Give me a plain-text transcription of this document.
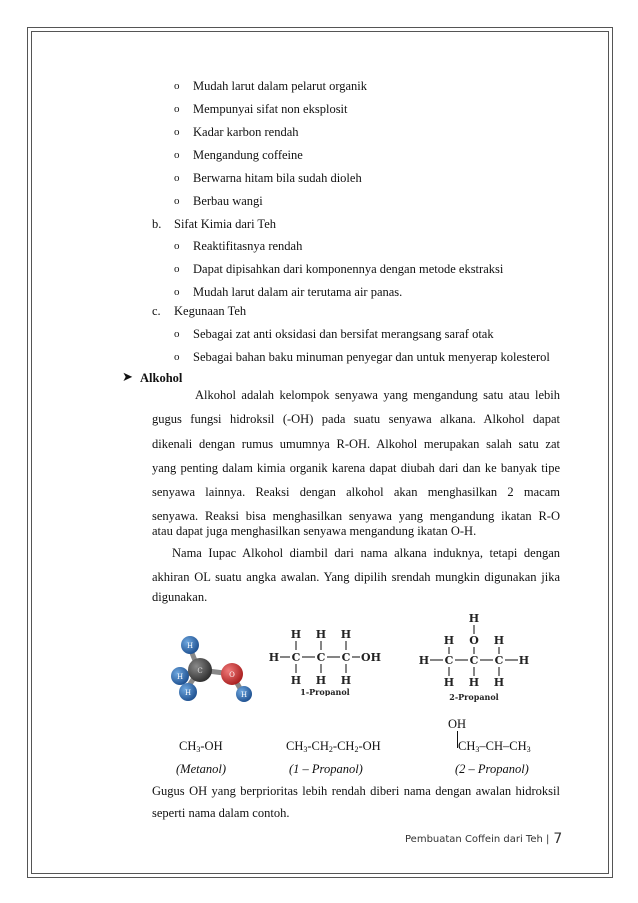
o Mudah larut dalam pelarut organik
o Mempunyai sifat non eksplosit
o Kadar karbon rendah
o Mengandung coffeine
o Berwarna hitam bila sudah dioleh
o Berbau wangi
b. Sifat Kimia dari Teh
o Reaktifitasnya rendah
o Dapat dipisahkan dari komponennya dengan metode ekstraksi
o Mudah larut dalam air terutama air panas.
c. Kegunaan Teh
o Sebagai zat anti oksidasi dan bersifat merangsang saraf otak
o Sebagai bahan baku minuman penyegar dan untuk menyerap kolesterol
➤ Alkohol
Alkohol adalah kelompok senyawa yang mengandung satu atau lebih
gugus fungsi hidroksil (-OH) pada suatu senyawa alkana. Alkohol dapat
dikenali dengan rumus umumnya R-OH. Alkohol merupakan salah satu zat
yang penting dalam kimia organik karena dapat diubah dari dan ke banyak tipe
senyawa lainnya. Reaksi dengan alkohol akan menghasilkan 2 macam
senyawa. Reaksi bisa menghasilkan senyawa yang mengandung ikatan R-O
atau dapat juga menghasilkan senyawa mengandung ikatan O-H.
Nama Iupac Alkohol diambil dari nama alkana induknya, tetapi dengan
akhiran OL suatu angka awalan. Yang dipilih srendah mungkin digunakan jika
digunakan.
H
H
H
C	O
H
H H H
H C C C OH
H H H
1-Propanol
H
H O H
H C C C H
H H H
2-Propanol
OH
CH3-OH	CH3-CH2-CH2-OH	CH3–CH–CH3
(Metanol)	(1 – Propanol)	(2 – Propanol)
Gugus OH yang berprioritas lebih rendah diberi nama dengan awalan hidroksil
seperti nama dalam contoh.
Pembuatan Coffein dari Teh | 7
